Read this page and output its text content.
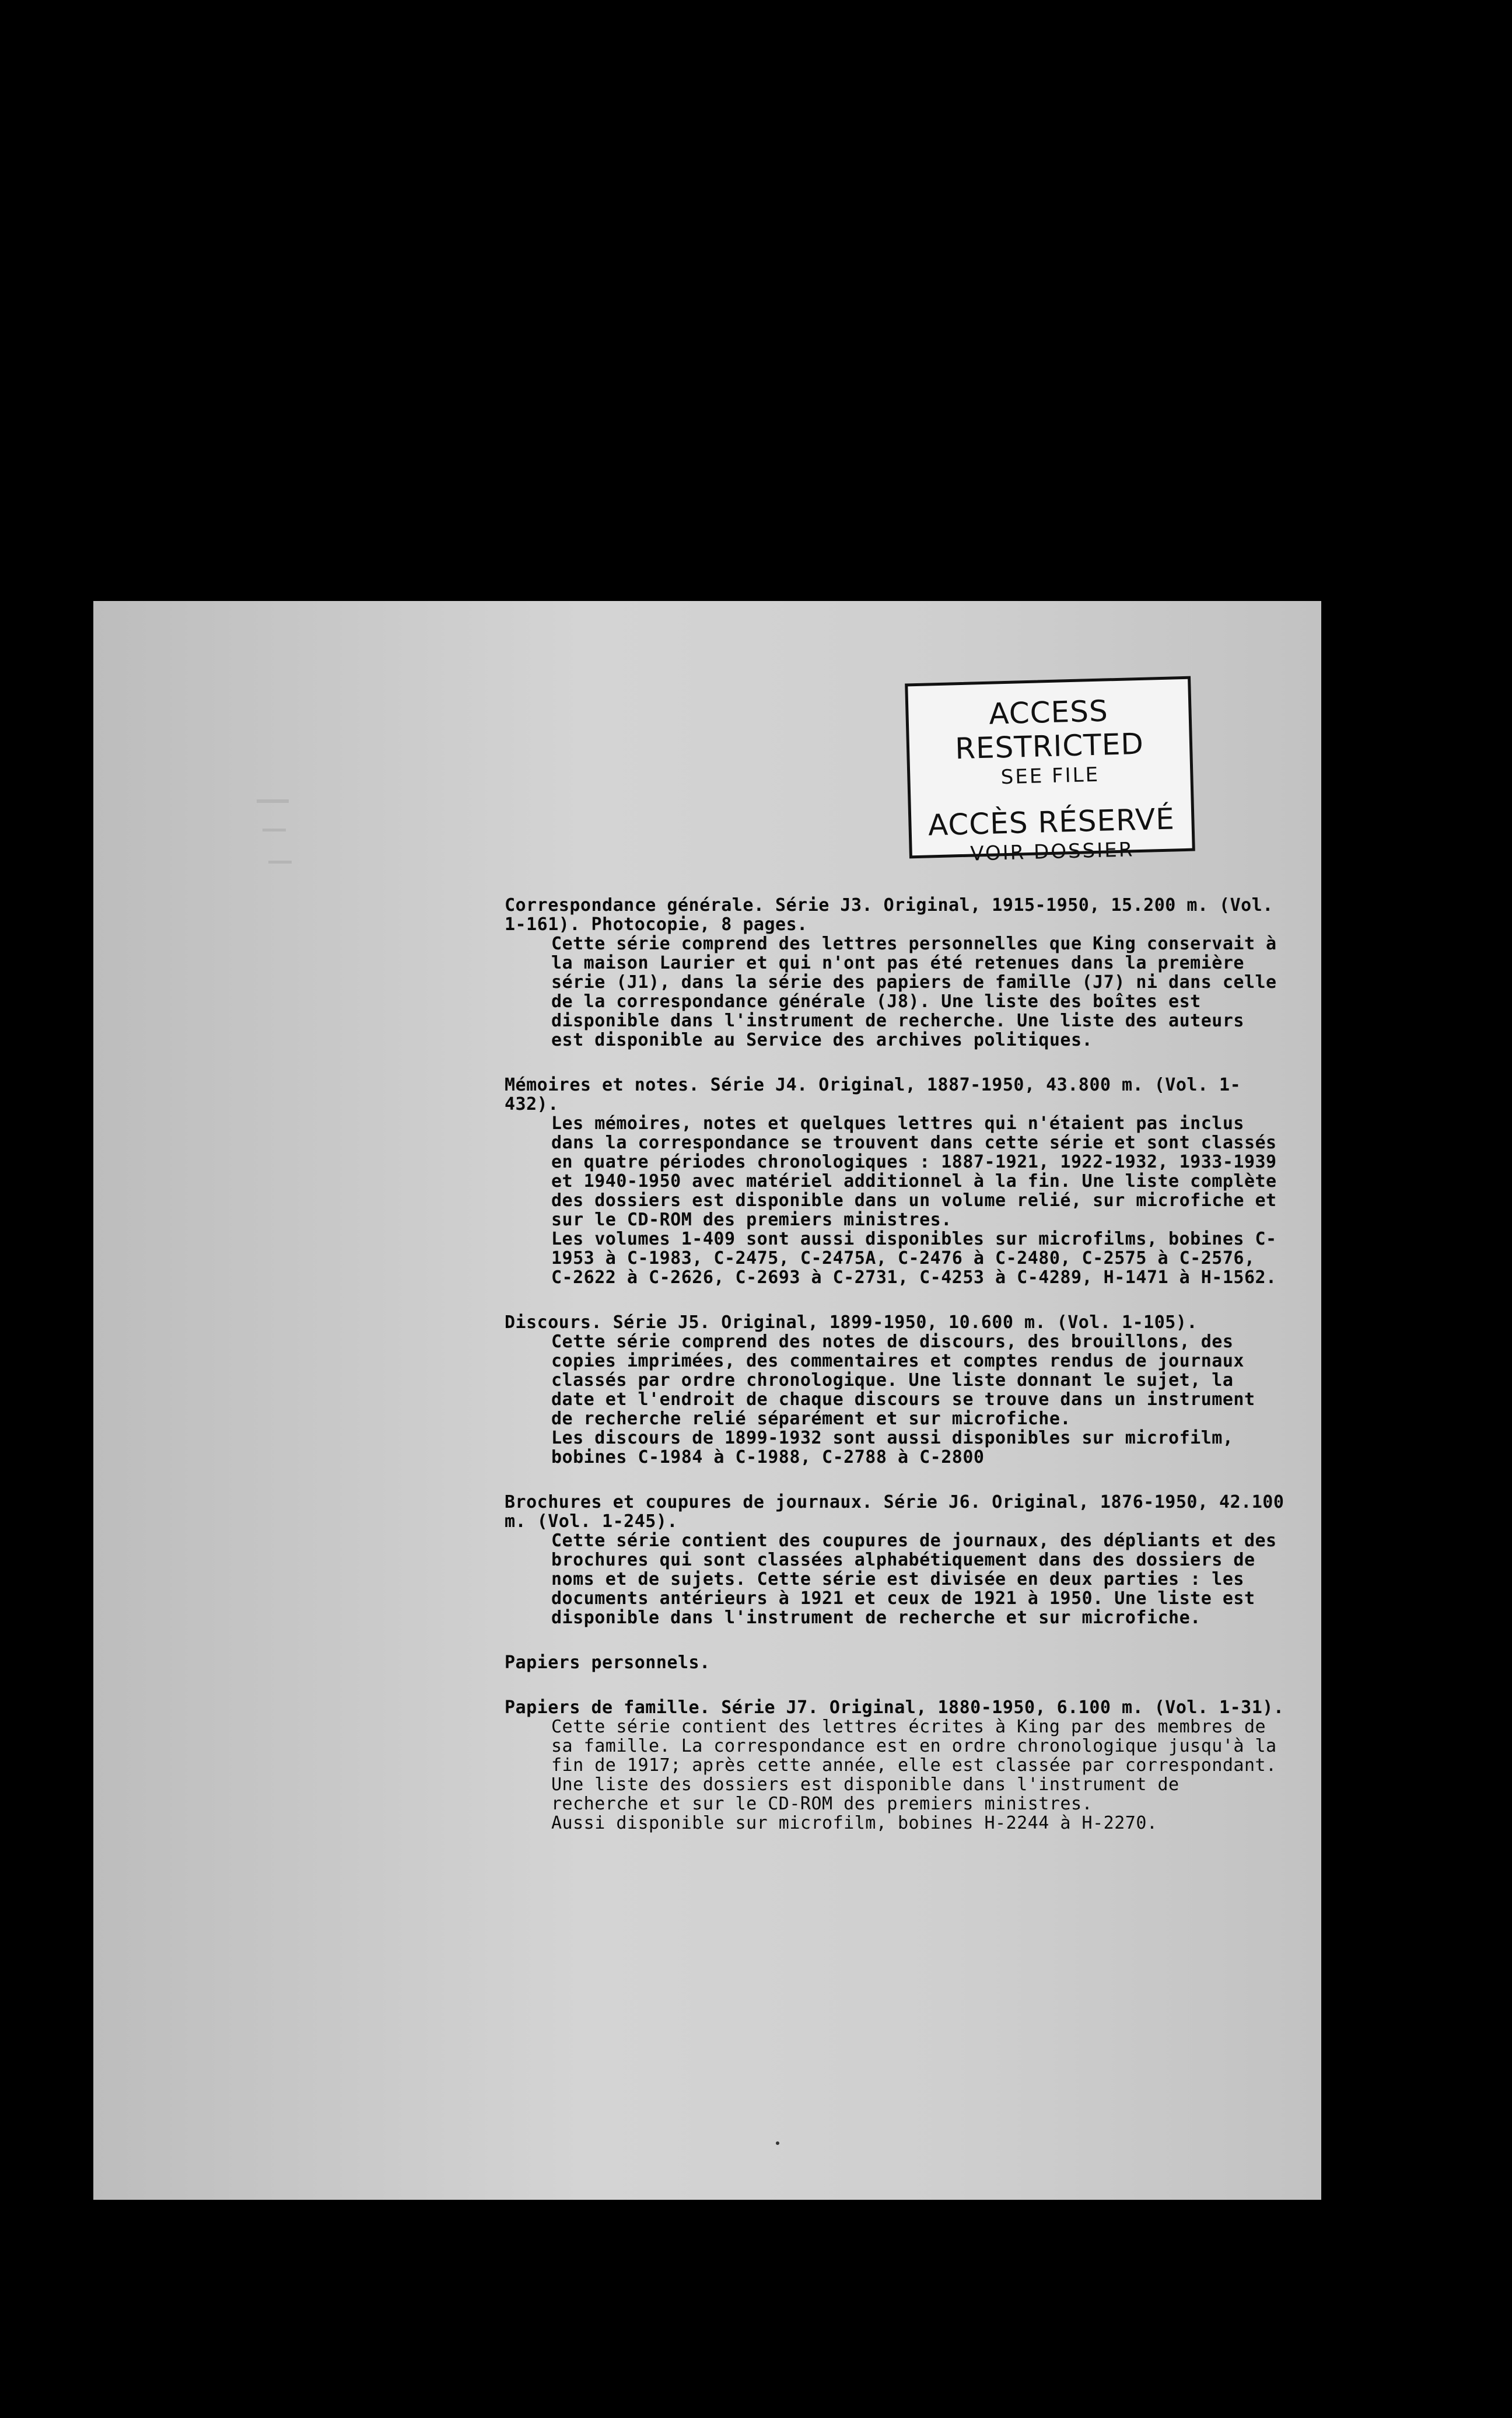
ACCESS RESTRICTED
SEE FILE
ACCÈS RÉSERVÉ
VOIR DOSSIER

Correspondance générale. Série J3. Original, 1915-1950, 15.200 m. (Vol. 1-161). Photocopie, 8 pages.

Cette série comprend des lettres personnelles que King conservait à la maison Laurier et qui n'ont pas été retenues dans la première série (J1), dans la série des papiers de famille (J7) ni dans celle de la correspondance générale (J8). Une liste des boîtes est disponible dans l'instrument de recherche. Une liste des auteurs est disponible au Service des archives politiques.

Mémoires et notes. Série J4. Original, 1887-1950, 43.800 m. (Vol. 1-432).

Les mémoires, notes et quelques lettres qui n'étaient pas inclus dans la correspondance se trouvent dans cette série et sont classés en quatre périodes chronologiques : 1887-1921, 1922-1932, 1933-1939 et 1940-1950 avec matériel additionnel à la fin. Une liste complète des dossiers est disponible dans un volume relié, sur microfiche et sur le CD-ROM des premiers ministres.

Les volumes 1-409 sont aussi disponibles sur microfilms, bobines C-1953 à C-1983, C-2475, C-2475A, C-2476 à C-2480, C-2575 à C-2576, C-2622 à C-2626, C-2693 à C-2731, C-4253 à C-4289, H-1471 à H-1562.

Discours. Série J5. Original, 1899-1950, 10.600 m. (Vol. 1-105).

Cette série comprend des notes de discours, des brouillons, des copies imprimées, des commentaires et comptes rendus de journaux classés par ordre chronologique. Une liste donnant le sujet, la date et l'endroit de chaque discours se trouve dans un instrument de recherche relié séparément et sur microfiche.

Les discours de 1899-1932 sont aussi disponibles sur microfilm, bobines C-1984 à C-1988, C-2788 à C-2800

Brochures et coupures de journaux. Série J6. Original, 1876-1950, 42.100 m. (Vol. 1-245).

Cette série contient des coupures de journaux, des dépliants et des brochures qui sont classées alphabétiquement dans des dossiers de noms et de sujets. Cette série est divisée en deux parties : les documents antérieurs à 1921 et ceux de 1921 à 1950. Une liste est disponible dans l'instrument de recherche et sur microfiche.

Papiers personnels.

Papiers de famille. Série J7. Original, 1880-1950, 6.100 m. (Vol. 1-31).

Cette série contient des lettres écrites à King par des membres de sa famille. La correspondance est en ordre chronologique jusqu'à la fin de 1917; après cette année, elle est classée par correspondant. Une liste des dossiers est disponible dans l'instrument de recherche et sur le CD-ROM des premiers ministres.

Aussi disponible sur microfilm, bobines H-2244 à H-2270.
